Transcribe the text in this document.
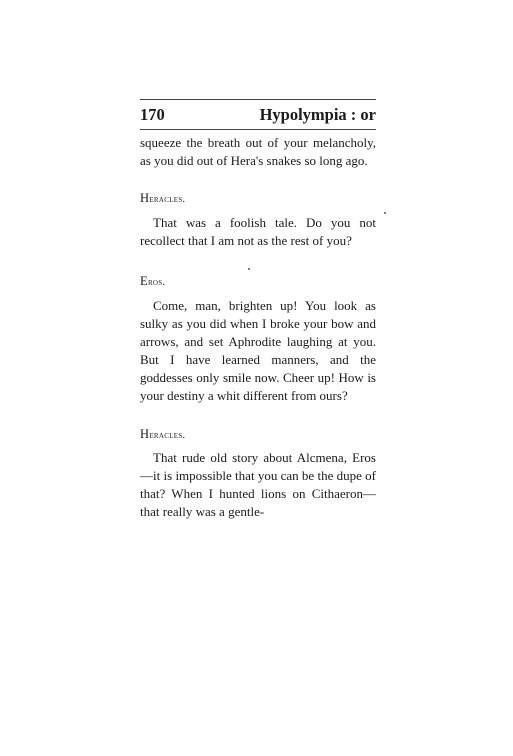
170	Hypolympia : or

squeeze the breath out of your melancholy, as you did out of Hera's snakes so long ago.

Heracles.

That was a foolish tale. Do you not recollect that I am not as the rest of you?

Eros.

Come, man, brighten up! You look as sulky as you did when I broke your bow and arrows, and set Aphrodite laughing at you. But I have learned manners, and the goddesses only smile now. Cheer up! How is your destiny a whit different from ours?

Heracles.

That rude old story about Alcmena, Eros—it is impossible that you can be the dupe of that? When I hunted lions on Cithaeron—that really was a gentle-
